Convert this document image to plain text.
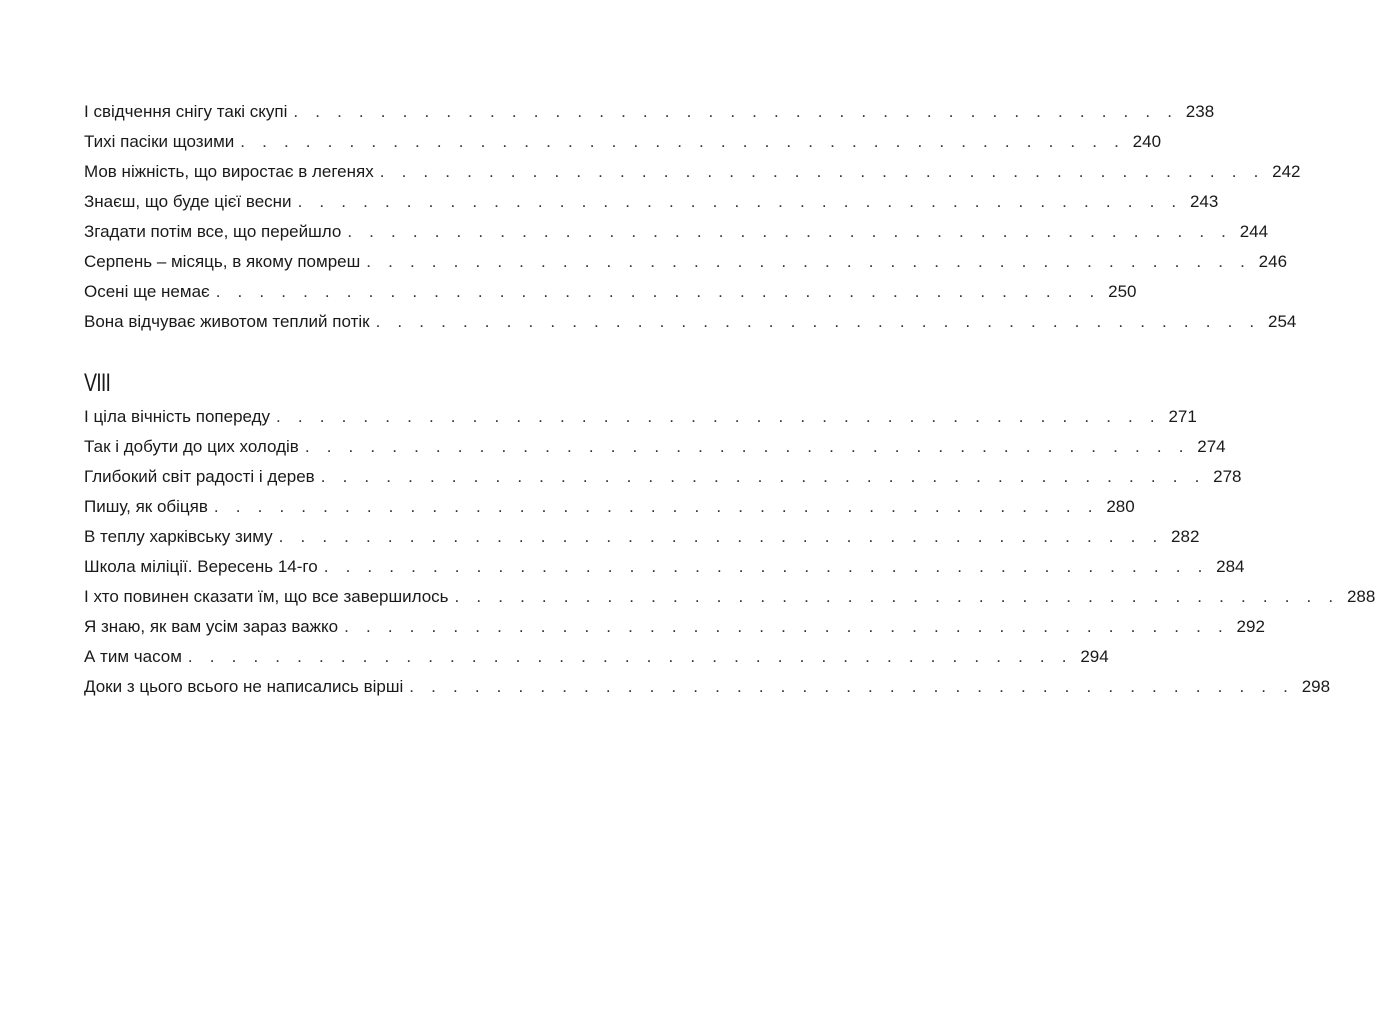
І свідчення снігу такі скупі . . . . . . . . . . . . . . . . . . . . . . . . . . . . . . . . . . . . . . . . . 238
Тихі пасіки щозими . . . . . . . . . . . . . . . . . . . . . . . . . . . . . . . . . . . . . . . . . 240
Мов ніжність, що виростає в легенях . . . . . . . . . . . . . . . . . . . . . . . . . . . . . . . . . . . . . . . . . 242
Знаєш, що буде цієї весни . . . . . . . . . . . . . . . . . . . . . . . . . . . . . . . . . . . . . . . . . 243
Згадати потім все, що перейшло . . . . . . . . . . . . . . . . . . . . . . . . . . . . . . . . . . . . . . . . . 244
Серпень – місяць, в якому помреш . . . . . . . . . . . . . . . . . . . . . . . . . . . . . . . . . . . . . . . . . 246
Осені ще немає . . . . . . . . . . . . . . . . . . . . . . . . . . . . . . . . . . . . . . . . . 250
Вона відчуває животом теплий потік . . . . . . . . . . . . . . . . . . . . . . . . . . . . . . . . . . . . . . . . . 254
VIII
І ціла вічність попереду . . . . . . . . . . . . . . . . . . . . . . . . . . . . . . . . . . . . . . . . . 271
Так і добути до цих холодів . . . . . . . . . . . . . . . . . . . . . . . . . . . . . . . . . . . . . . . . . 274
Глибокий світ радості і дерев . . . . . . . . . . . . . . . . . . . . . . . . . . . . . . . . . . . . . . . . . 278
Пишу, як обіцяв . . . . . . . . . . . . . . . . . . . . . . . . . . . . . . . . . . . . . . . . . 280
В теплу харківську зиму . . . . . . . . . . . . . . . . . . . . . . . . . . . . . . . . . . . . . . . . . 282
Школа міліції. Вересень 14-го . . . . . . . . . . . . . . . . . . . . . . . . . . . . . . . . . . . . . . . . . 284
І хто повинен сказати їм, що все завершилось . . . . . . . . . . . . . . . . . . . . . . . . . . . . . . . . . . . . . . . . . 288
Я знаю, як вам усім зараз важко . . . . . . . . . . . . . . . . . . . . . . . . . . . . . . . . . . . . . . . . . 292
А тим часом . . . . . . . . . . . . . . . . . . . . . . . . . . . . . . . . . . . . . . . . . 294
Доки з цього всього не написались вірші . . . . . . . . . . . . . . . . . . . . . . . . . . . . . . . . . . . . . . . . . 298
